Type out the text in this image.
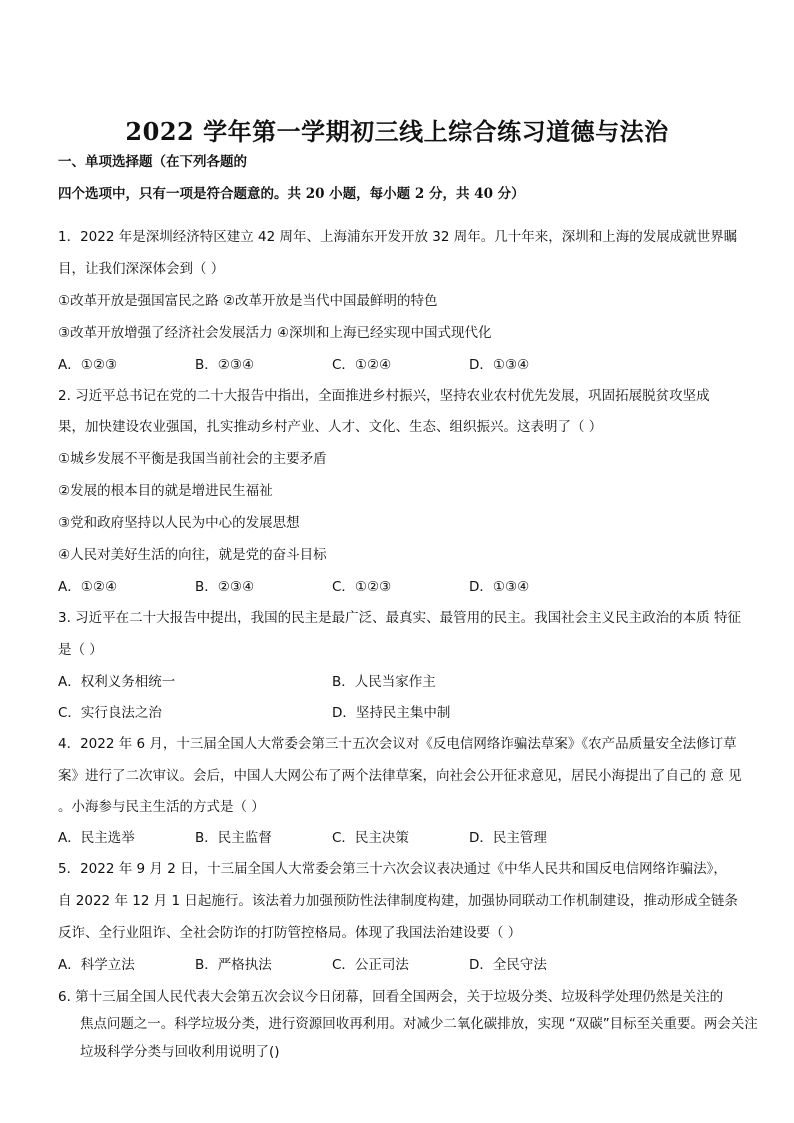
2022 学年第一学期初三线上综合练习道德与法治
一、单项选择题（在下列各题的
四个选项中，只有一项是符合题意的。共 20 小题，每小题 2 分，共 40 分）
1．2022 年是深圳经济特区建立 42 周年、上海浦东开发开放 32 周年。几十年来，深圳和上海的发展成就世界瞩
目，让我们深深体会到（ ）
①改革开放是强国富民之路 ②改革开放是当代中国最鲜明的特色
③改革开放增强了经济社会发展活力 ④深圳和上海已经实现中国式现代化
A．①②③	B．②③④	C．①②④	D．①③④
2. 习近平总书记在党的二十大报告中指出，全面推进乡村振兴，坚持农业农村优先发展，巩固拓展脱贫攻坚成
果，加快建设农业强国，扎实推动乡村产业、人才、文化、生态、组织振兴。这表明了（ ）
①城乡发展不平衡是我国当前社会的主要矛盾
②发展的根本目的就是增进民生福祉
③党和政府坚持以人民为中心的发展思想
④人民对美好生活的向往，就是党的奋斗目标
A．①②④	B．②③④	C．①②③	D．①③④
3. 习近平在二十大报告中提出，我国的民主是最广泛、最真实、最管用的民主。我国社会主义民主政治的本质 特征
是（ ）
A．权利义务相统一	B．人民当家作主
C．实行良法之治	D．坚持民主集中制
4．2022 年 6 月，十三届全国人大常委会第三十五次会议对《反电信网络诈骗法草案》《农产品质量安全法修订草
案》进行了二次审议。会后，中国人大网公布了两个法律草案，向社会公开征求意见，居民小海提出了自己的 意 见
。小海参与民主生活的方式是（ ）
A．民主选举	B．民主监督	C．民主决策	D．民主管理
5．2022 年 9 月 2 日，十三届全国人大常委会第三十六次会议表决通过《中华人民共和国反电信网络诈骗法》，
自 2022 年 12 月 1 日起施行。该法着力加强预防性法律制度构建，加强协同联动工作机制建设，推动形成全链条
反诈、全行业阻诈、全社会防诈的打防管控格局。体现了我国法治建设要（ ）
A．科学立法	B．严格执法	C．公正司法	D．全民守法
6. 第十三届全国人民代表大会第五次会议今日闭幕，回看全国两会，关于垃圾分类、垃圾科学处理仍然是关注的
焦点问题之一。科学垃圾分类，进行资源回收再利用。对减少二氧化碳排放，实现 “双碳”目标至关重要。两会关注
垃圾科学分类与回收利用说明了()
